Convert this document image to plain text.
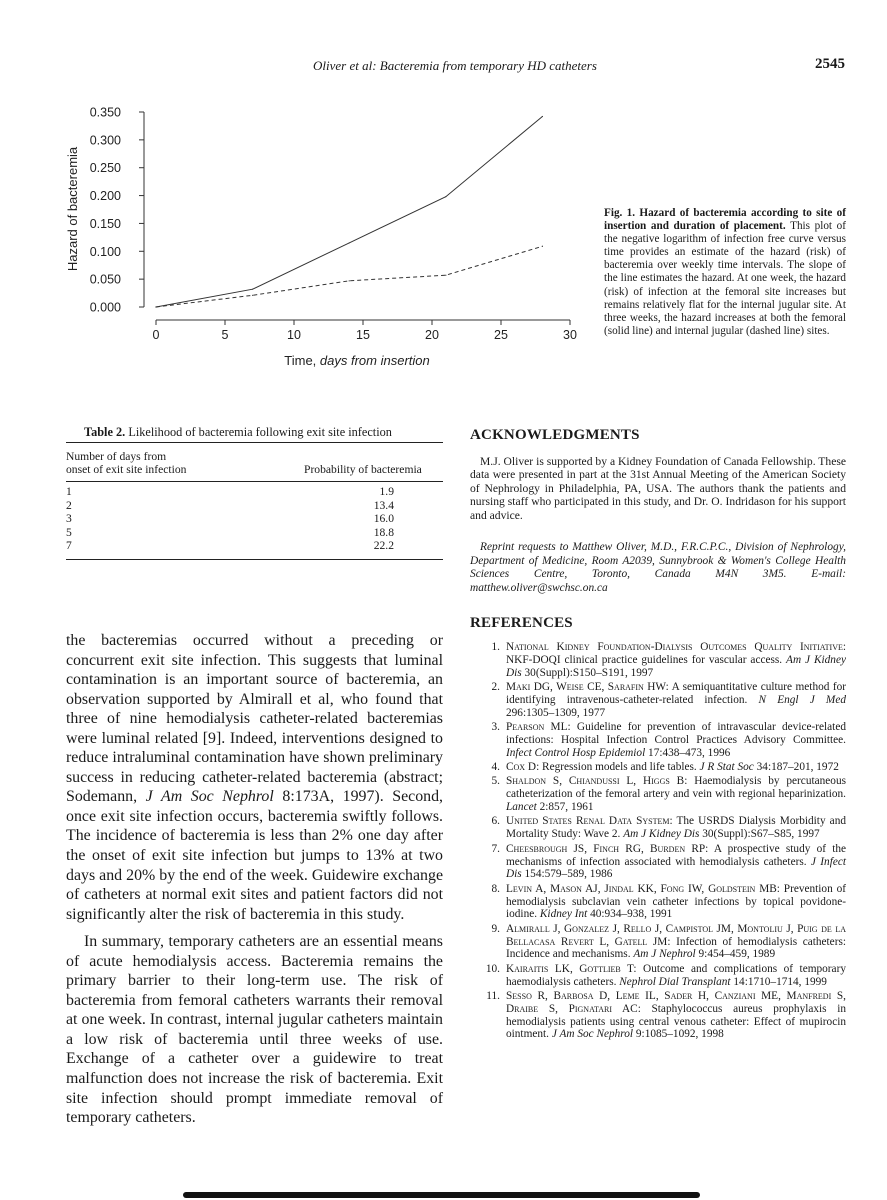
Oliver et al: Bacteremia from temporary HD catheters	2545
0.000
0.050
0.100
0.150
0.200
0.250
0.300
0.350
0	5	10	15	20	25	30
Hazard of bacteremia
Time, days from insertion
Fig. 1. Hazard of bacteremia according to site of insertion and duration of placement. This plot of the negative logarithm of infection free curve versus time provides an estimate of the hazard (risk) of bacteremia over weekly time intervals. The slope of the line estimates the hazard. At one week, the hazard (risk) of infection at the femoral site increases but remains relatively flat for the internal jugular site. At three weeks, the hazard increases at both the femoral (solid line) and internal jugular (dashed line) sites.
Table 2. Likelihood of bacteremia following exit site infection
Number of days from
onset of exit site infection	Probability of bacteremia
1	1.9
2	13.4
3	16.0
5	18.8
7	22.2

the bacteremias occurred without a preceding or concurrent exit site infection. This suggests that luminal contamination is an important source of bacteremia, an observation supported by Almirall et al, who found that three of nine hemodialysis catheter-related bacteremias were luminal related [9]. Indeed, interventions designed to reduce intraluminal contamination have shown preliminary success in reducing catheter-related bacteremia (abstract; Sodemann, J Am Soc Nephrol 8:173A, 1997). Second, once exit site infection occurs, bacteremia swiftly follows. The incidence of bacteremia is less than 2% one day after the onset of exit site infection but jumps to 13% at two days and 20% by the end of the week. Guidewire exchange of catheters at normal exit sites and patient factors did not significantly alter the risk of bacteremia in this study.

In summary, temporary catheters are an essential means of acute hemodialysis access. Bacteremia remains the primary barrier to their long-term use. The risk of bacteremia from femoral catheters warrants their removal at one week. In contrast, internal jugular catheters maintain a low risk of bacteremia until three weeks of use. Exchange of a catheter over a guidewire to treat malfunction does not increase the risk of bacteremia. Exit site infection should prompt immediate removal of temporary catheters.

ACKNOWLEDGMENTS
M.J. Oliver is supported by a Kidney Foundation of Canada Fellowship. These data were presented in part at the 31st Annual Meeting of the American Society of Nephrology in Philadelphia, PA, USA. The authors thank the patients and nursing staff who participated in this study, and Dr. O. Indridason for his support and advice.
Reprint requests to Matthew Oliver, M.D., F.R.C.P.C., Division of Nephrology, Department of Medicine, Room A2039, Sunnybrook & Women's College Health Sciences Centre, Toronto, Canada M4N 3M5. E-mail: matthew.oliver@swchsc.on.ca
REFERENCES
1. National Kidney Foundation-Dialysis Outcomes Quality Initiative: NKF-DOQI clinical practice guidelines for vascular access. Am J Kidney Dis 30(Suppl):S150–S191, 1997
2. Maki DG, Weise CE, Sarafin HW: A semiquantitative culture method for identifying intravenous-catheter-related infection. N Engl J Med 296:1305–1309, 1977
3. Pearson ML: Guideline for prevention of intravascular device-related infections: Hospital Infection Control Practices Advisory Committee. Infect Control Hosp Epidemiol 17:438–473, 1996
4. Cox D: Regression models and life tables. J R Stat Soc 34:187–201, 1972
5. Shaldon S, Chiandussi L, Higgs B: Haemodialysis by percutaneous catheterization of the femoral artery and vein with regional heparinization. Lancet 2:857, 1961
6. United States Renal Data System: The USRDS Dialysis Morbidity and Mortality Study: Wave 2. Am J Kidney Dis 30(Suppl):S67–S85, 1997
7. Cheesbrough JS, Finch RG, Burden RP: A prospective study of the mechanisms of infection associated with hemodialysis catheters. J Infect Dis 154:579–589, 1986
8. Levin A, Mason AJ, Jindal KK, Fong IW, Goldstein MB: Prevention of hemodialysis subclavian vein catheter infections by topical povidone-iodine. Kidney Int 40:934–938, 1991
9. Almirall J, Gonzalez J, Rello J, Campistol JM, Montoliu J, Puig de la Bellacasa Revert L, Gatell JM: Infection of hemodialysis catheters: Incidence and mechanisms. Am J Nephrol 9:454–459, 1989
10. Kairaitis LK, Gottlieb T: Outcome and complications of temporary haemodialysis catheters. Nephrol Dial Transplant 14:1710–1714, 1999
11. Sesso R, Barbosa D, Leme IL, Sader H, Canziani ME, Manfredi S, Draibe S, Pignatari AC: Staphylococcus aureus prophylaxis in hemodialysis patients using central venous catheter: Effect of mupirocin ointment. J Am Soc Nephrol 9:1085–1092, 1998
